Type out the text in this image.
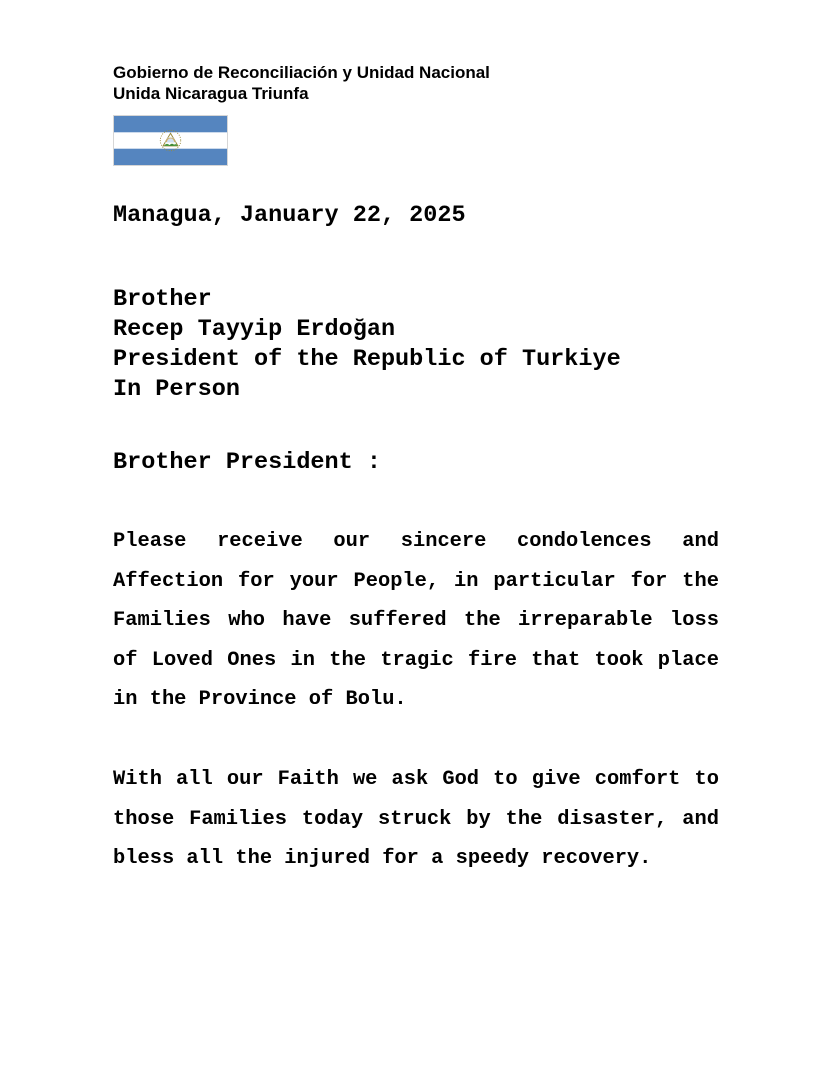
Gobierno de Reconciliación y Unidad Nacional
Unida Nicaragua Triunfa
Managua, January 22, 2025
Brother
Recep Tayyip Erdoğan
President of the Republic of Turkiye
In Person
Brother President :
Please receive our sincere condolences and
Affection for your People, in particular for the
Families who have suffered the irreparable loss
of Loved Ones in the tragic fire that took place
in the Province of Bolu.
With all our Faith we ask God to give comfort to
those Families today struck by the disaster, and
bless all the injured for a speedy recovery.
